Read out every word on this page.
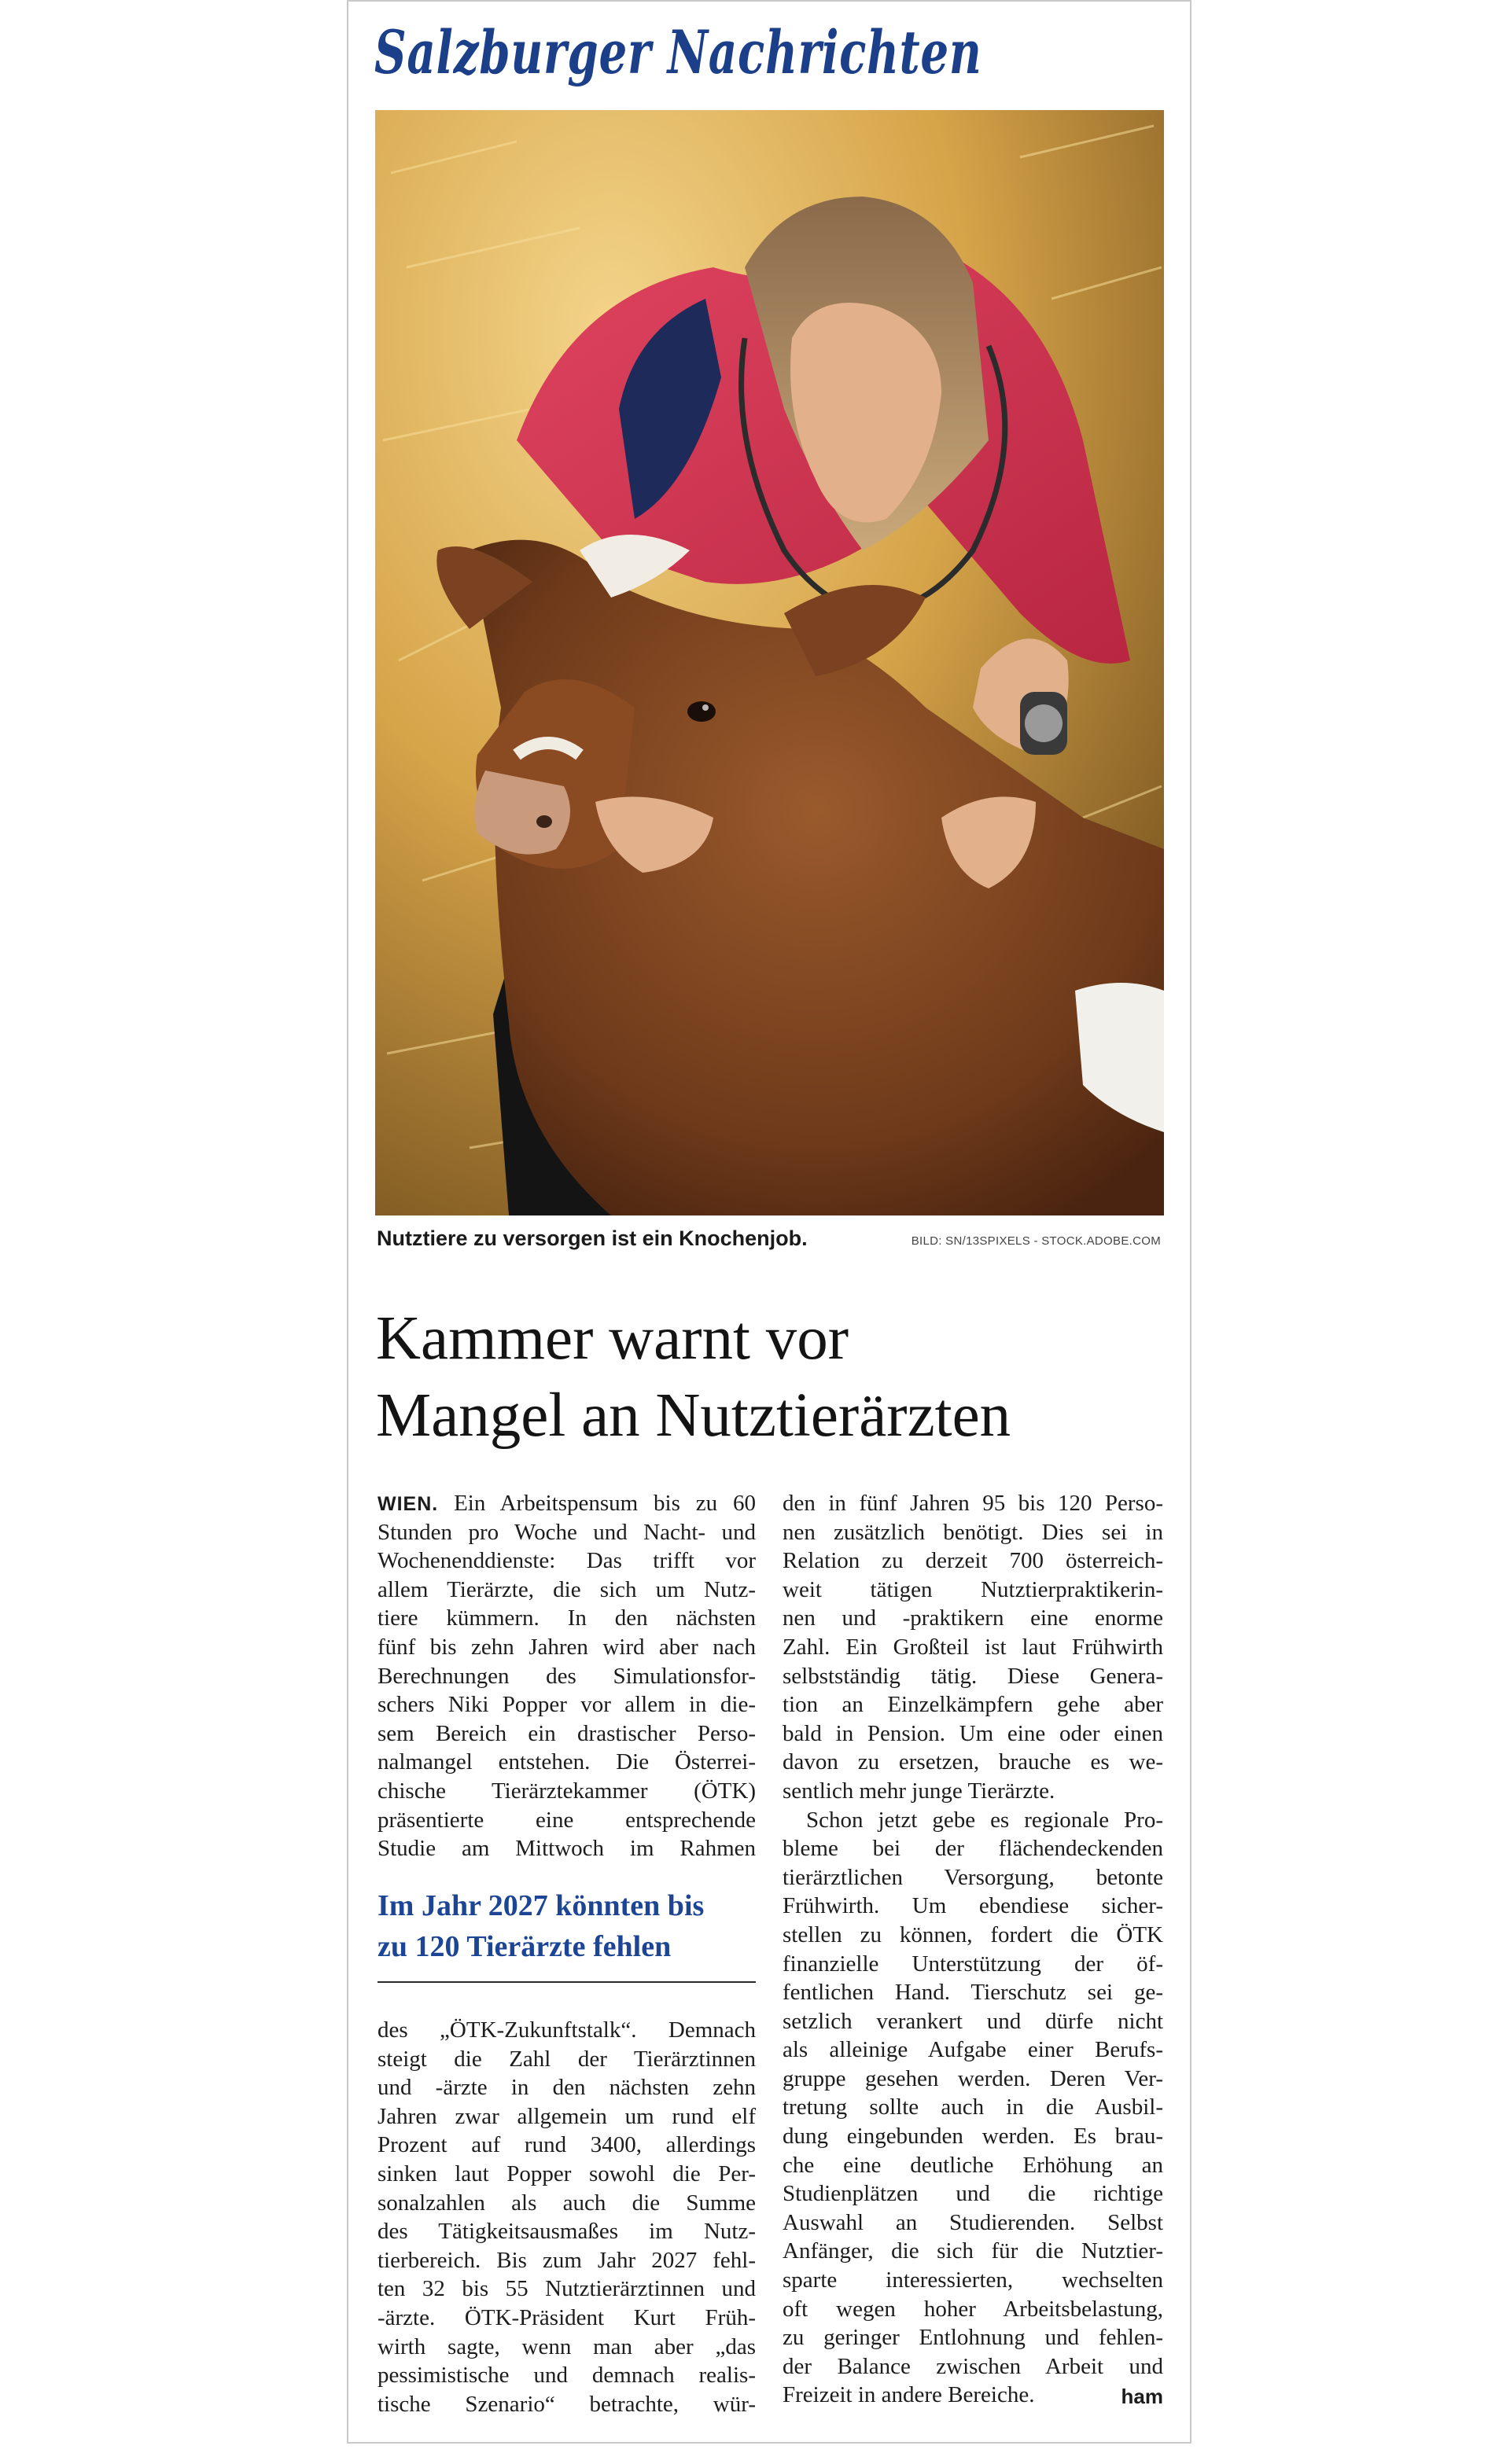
Salzburger Nachrichten
Nutztiere zu versorgen ist ein Knochenjob.	BILD: SN/13SPIXELS - STOCK.ADOBE.COM
Kammer warnt vor
Mangel an Nutztierärzten
WIEN. Ein Arbeitspensum bis zu 60
Stunden pro Woche und Nacht- und
Wochenenddienste: Das trifft vor
allem Tierärzte, die sich um Nutz-
tiere kümmern. In den nächsten
fünf bis zehn Jahren wird aber nach
Berechnungen des Simulationsfor-
schers Niki Popper vor allem in die-
sem Bereich ein drastischer Perso-
nalmangel entstehen. Die Österrei-
chische Tierärztekammer (ÖTK)
präsentierte eine entsprechende
Studie am Mittwoch im Rahmen
Im Jahr 2027 könnten bis
zu 120 Tierärzte fehlen
des „ÖTK-Zukunftstalk“. Demnach
steigt die Zahl der Tierärztinnen
und -ärzte in den nächsten zehn
Jahren zwar allgemein um rund elf
Prozent auf rund 3400, allerdings
sinken laut Popper sowohl die Per-
sonalzahlen als auch die Summe
des Tätigkeitsausmaßes im Nutz-
tierbereich. Bis zum Jahr 2027 fehl-
ten 32 bis 55 Nutztierärztinnen und
-ärzte. ÖTK-Präsident Kurt Früh-
wirth sagte, wenn man aber „das
pessimistische und demnach realis-
tische Szenario“ betrachte, wür-
den in fünf Jahren 95 bis 120 Perso-
nen zusätzlich benötigt. Dies sei in
Relation zu derzeit 700 österreich-
weit tätigen Nutztierpraktikerin-
nen und -praktikern eine enorme
Zahl. Ein Großteil ist laut Frühwirth
selbstständig tätig. Diese Genera-
tion an Einzelkämpfern gehe aber
bald in Pension. Um eine oder einen
davon zu ersetzen, brauche es we-
sentlich mehr junge Tierärzte.
Schon jetzt gebe es regionale Pro-
bleme bei der flächendeckenden
tierärztlichen Versorgung, betonte
Frühwirth. Um ebendiese sicher-
stellen zu können, fordert die ÖTK
finanzielle Unterstützung der öf-
fentlichen Hand. Tierschutz sei ge-
setzlich verankert und dürfe nicht
als alleinige Aufgabe einer Berufs-
gruppe gesehen werden. Deren Ver-
tretung sollte auch in die Ausbil-
dung eingebunden werden. Es brau-
che eine deutliche Erhöhung an
Studienplätzen und die richtige
Auswahl an Studierenden. Selbst
Anfänger, die sich für die Nutztier-
sparte interessierten, wechselten
oft wegen hoher Arbeitsbelastung,
zu geringer Entlohnung und fehlen-
der Balance zwischen Arbeit und
Freizeit in andere Bereiche.	ham
